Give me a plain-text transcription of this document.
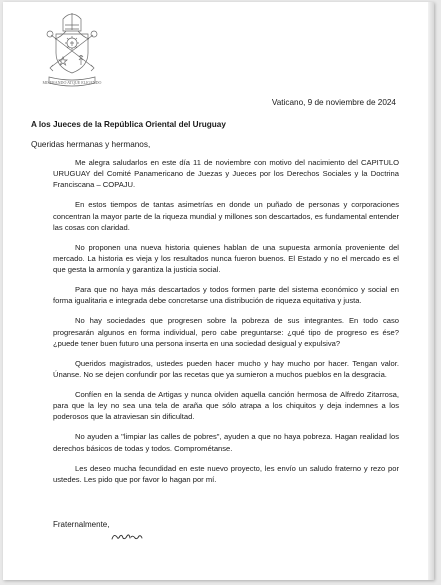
MISERANDO ATQUE ELIGENDO
Vaticano, 9 de noviembre de 2024
A los Jueces de la República Oriental del Uruguay
Queridas hermanas y hermanos,

Me alegra saludarlos en este día 11 de noviembre con motivo del nacimiento del CAPITULO URUGUAY del Comité Panamericano de Juezas y Jueces por los Derechos Sociales y la Doctrina Franciscana – COPAJU.

En estos tiempos de tantas asimetrías en donde un puñado de personas y corporaciones concentran la mayor parte de la riqueza mundial y millones son descartados, es fundamental entender las cosas con claridad.

No proponen una nueva historia quienes hablan de una supuesta armonía proveniente del mercado. La historia es vieja y los resultados nunca fueron buenos. El Estado y no el mercado es el que gesta la armonía y garantiza la justicia social.

Para que no haya más descartados y todos formen parte del sistema económico y social en forma igualitaria e integrada debe concretarse una distribución de riqueza equitativa y justa.

No hay sociedades que progresen sobre la pobreza de sus integrantes. En todo caso progresarán algunos en forma individual, pero cabe preguntarse: ¿qué tipo de progreso es ése?¿puede tener buen futuro una persona inserta en una sociedad desigual y expulsiva?

Queridos magistrados, ustedes pueden hacer mucho y hay mucho por hacer. Tengan valor. Únanse. No se dejen confundir por las recetas que ya sumieron a muchos pueblos en la desgracia.

Confíen en la senda de Artigas y nunca olviden aquella canción hermosa de Alfredo Zitarrosa, para que la ley no sea una tela de araña que sólo atrapa a los chiquitos y deja indemnes a los poderosos que la atraviesan sin dificultad.

No ayuden a "limpiar las calles de pobres", ayuden a que no haya pobreza. Hagan realidad los derechos básicos de todas y todos. Comprométanse.

Les deseo mucha fecundidad en este nuevo proyecto, les envío un saludo fraterno y rezo por ustedes. Les pido que por favor lo hagan por mí.

Fraternalmente,
